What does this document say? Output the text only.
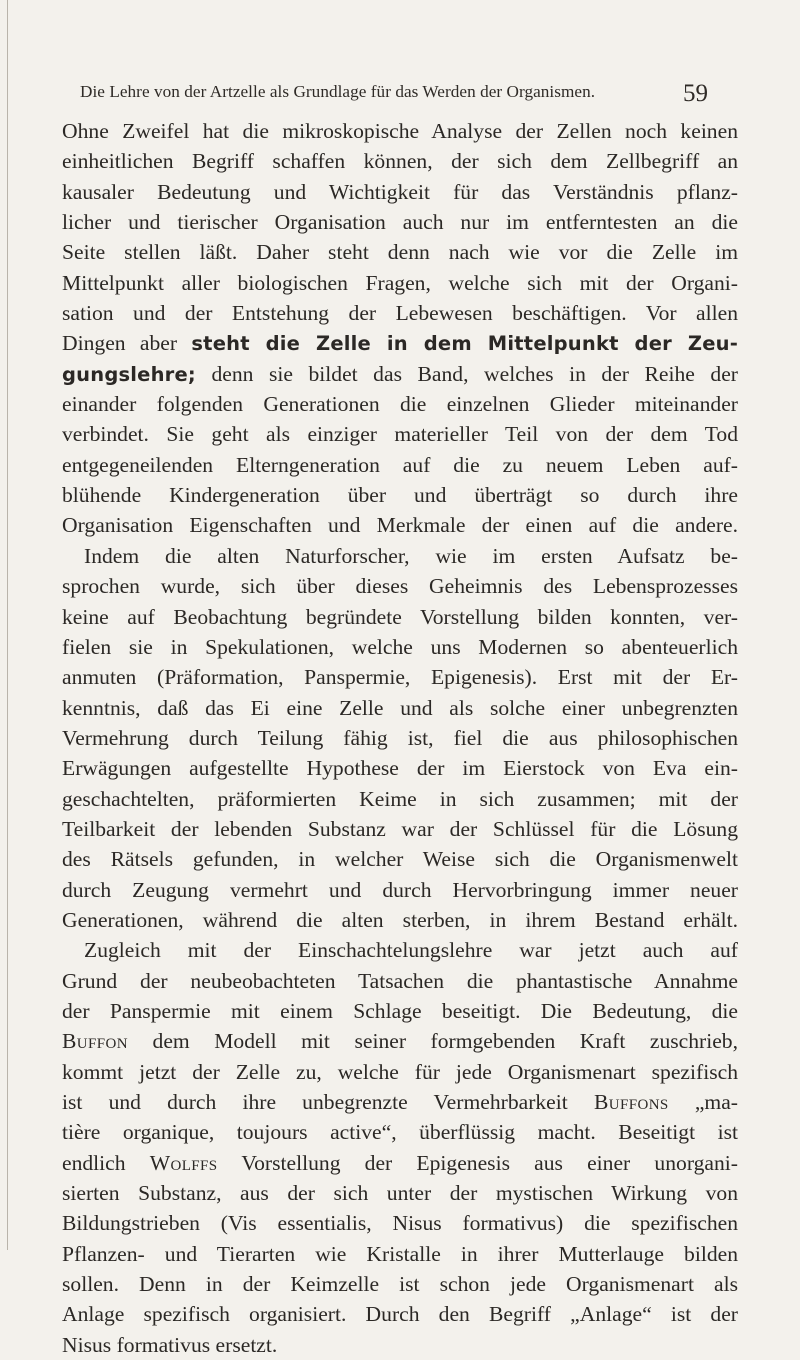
Die Lehre von der Artzelle als Grundlage für das Werden der Organismen.	59
Ohne Zweifel hat die mikroskopische Analyse der Zellen noch keinen
einheitlichen Begriff schaffen können, der sich dem Zellbegriff an
kausaler Bedeutung und Wichtigkeit für das Verständnis pflanz-
licher und tierischer Organisation auch nur im entferntesten an die
Seite stellen läßt. Daher steht denn nach wie vor die Zelle im
Mittelpunkt aller biologischen Fragen, welche sich mit der Organi-
sation und der Entstehung der Lebewesen beschäftigen. Vor allen
Dingen aber steht die Zelle in dem Mittelpunkt der Zeu-
gungslehre; denn sie bildet das Band, welches in der Reihe der
einander folgenden Generationen die einzelnen Glieder miteinander
verbindet. Sie geht als einziger materieller Teil von der dem Tod
entgegeneilenden Elterngeneration auf die zu neuem Leben auf-
blühende Kindergeneration über und überträgt so durch ihre
Organisation Eigenschaften und Merkmale der einen auf die andere.
Indem die alten Naturforscher, wie im ersten Aufsatz be-
sprochen wurde, sich über dieses Geheimnis des Lebensprozesses
keine auf Beobachtung begründete Vorstellung bilden konnten, ver-
fielen sie in Spekulationen, welche uns Modernen so abenteuerlich
anmuten (Präformation, Panspermie, Epigenesis). Erst mit der Er-
kenntnis, daß das Ei eine Zelle und als solche einer unbegrenzten
Vermehrung durch Teilung fähig ist, fiel die aus philosophischen
Erwägungen aufgestellte Hypothese der im Eierstock von Eva ein-
geschachtelten, präformierten Keime in sich zusammen; mit der
Teilbarkeit der lebenden Substanz war der Schlüssel für die Lösung
des Rätsels gefunden, in welcher Weise sich die Organismenwelt
durch Zeugung vermehrt und durch Hervorbringung immer neuer
Generationen, während die alten sterben, in ihrem Bestand erhält.
Zugleich mit der Einschachtelungslehre war jetzt auch auf
Grund der neubeobachteten Tatsachen die phantastische Annahme
der Panspermie mit einem Schlage beseitigt. Die Bedeutung, die
Buffon dem Modell mit seiner formgebenden Kraft zuschrieb,
kommt jetzt der Zelle zu, welche für jede Organismenart spezifisch
ist und durch ihre unbegrenzte Vermehrbarkeit Buffons „ma-
tière organique, toujours active“, überflüssig macht. Beseitigt ist
endlich Wolffs Vorstellung der Epigenesis aus einer unorgani-
sierten Substanz, aus der sich unter der mystischen Wirkung von
Bildungstrieben (Vis essentialis, Nisus formativus) die spezifischen
Pflanzen- und Tierarten wie Kristalle in ihrer Mutterlauge bilden
sollen. Denn in der Keimzelle ist schon jede Organismenart als
Anlage spezifisch organisiert. Durch den Begriff „Anlage“ ist der
Nisus formativus ersetzt.
